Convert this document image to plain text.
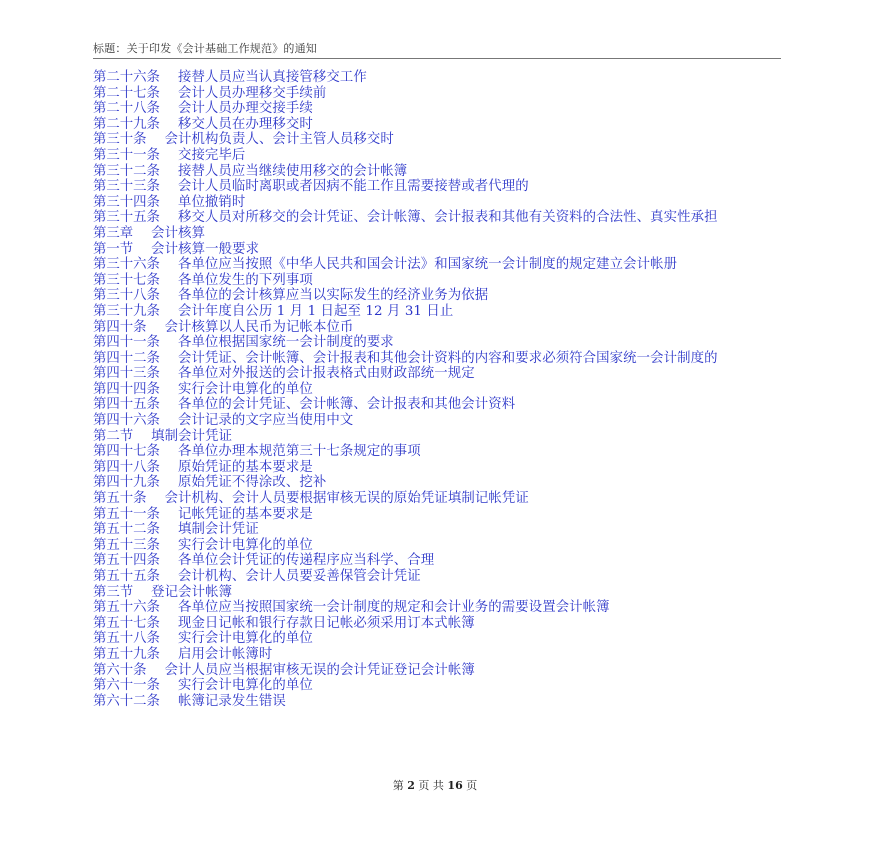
标题：关于印发《会计基础工作规范》的通知
第二十六条 接替人员应当认真接管移交工作
第二十七条 会计人员办理移交手续前
第二十八条 会计人员办理交接手续
第二十九条 移交人员在办理移交时
第三十条 会计机构负责人、会计主管人员移交时
第三十一条 交接完毕后
第三十二条 接替人员应当继续使用移交的会计帐簿
第三十三条 会计人员临时离职或者因病不能工作且需要接替或者代理的
第三十四条 单位撤销时
第三十五条 移交人员对所移交的会计凭证、会计帐簿、会计报表和其他有关资料的合法性、真实性承担
第三章 会计核算
第一节 会计核算一般要求
第三十六条 各单位应当按照《中华人民共和国会计法》和国家统一会计制度的规定建立会计帐册
第三十七条 各单位发生的下列事项
第三十八条 各单位的会计核算应当以实际发生的经济业务为依据
第三十九条 会计年度自公历 1 月 1 日起至 12 月 31 日止
第四十条 会计核算以人民币为记帐本位币
第四十一条 各单位根据国家统一会计制度的要求
第四十二条 会计凭证、会计帐簿、会计报表和其他会计资料的内容和要求必须符合国家统一会计制度的
第四十三条 各单位对外报送的会计报表格式由财政部统一规定
第四十四条 实行会计电算化的单位
第四十五条 各单位的会计凭证、会计帐簿、会计报表和其他会计资料
第四十六条 会计记录的文字应当使用中文
第二节 填制会计凭证
第四十七条 各单位办理本规范第三十七条规定的事项
第四十八条 原始凭证的基本要求是
第四十九条 原始凭证不得涂改、挖补
第五十条 会计机构、会计人员要根据审核无误的原始凭证填制记帐凭证
第五十一条 记帐凭证的基本要求是
第五十二条 填制会计凭证
第五十三条 实行会计电算化的单位
第五十四条 各单位会计凭证的传递程序应当科学、合理
第五十五条 会计机构、会计人员要妥善保管会计凭证
第三节 登记会计帐簿
第五十六条 各单位应当按照国家统一会计制度的规定和会计业务的需要设置会计帐簿
第五十七条 现金日记帐和银行存款日记帐必须采用订本式帐簿
第五十八条 实行会计电算化的单位
第五十九条 启用会计帐簿时
第六十条 会计人员应当根据审核无误的会计凭证登记会计帐簿
第六十一条 实行会计电算化的单位
第六十二条 帐簿记录发生错误
第 2 页 共 16 页
